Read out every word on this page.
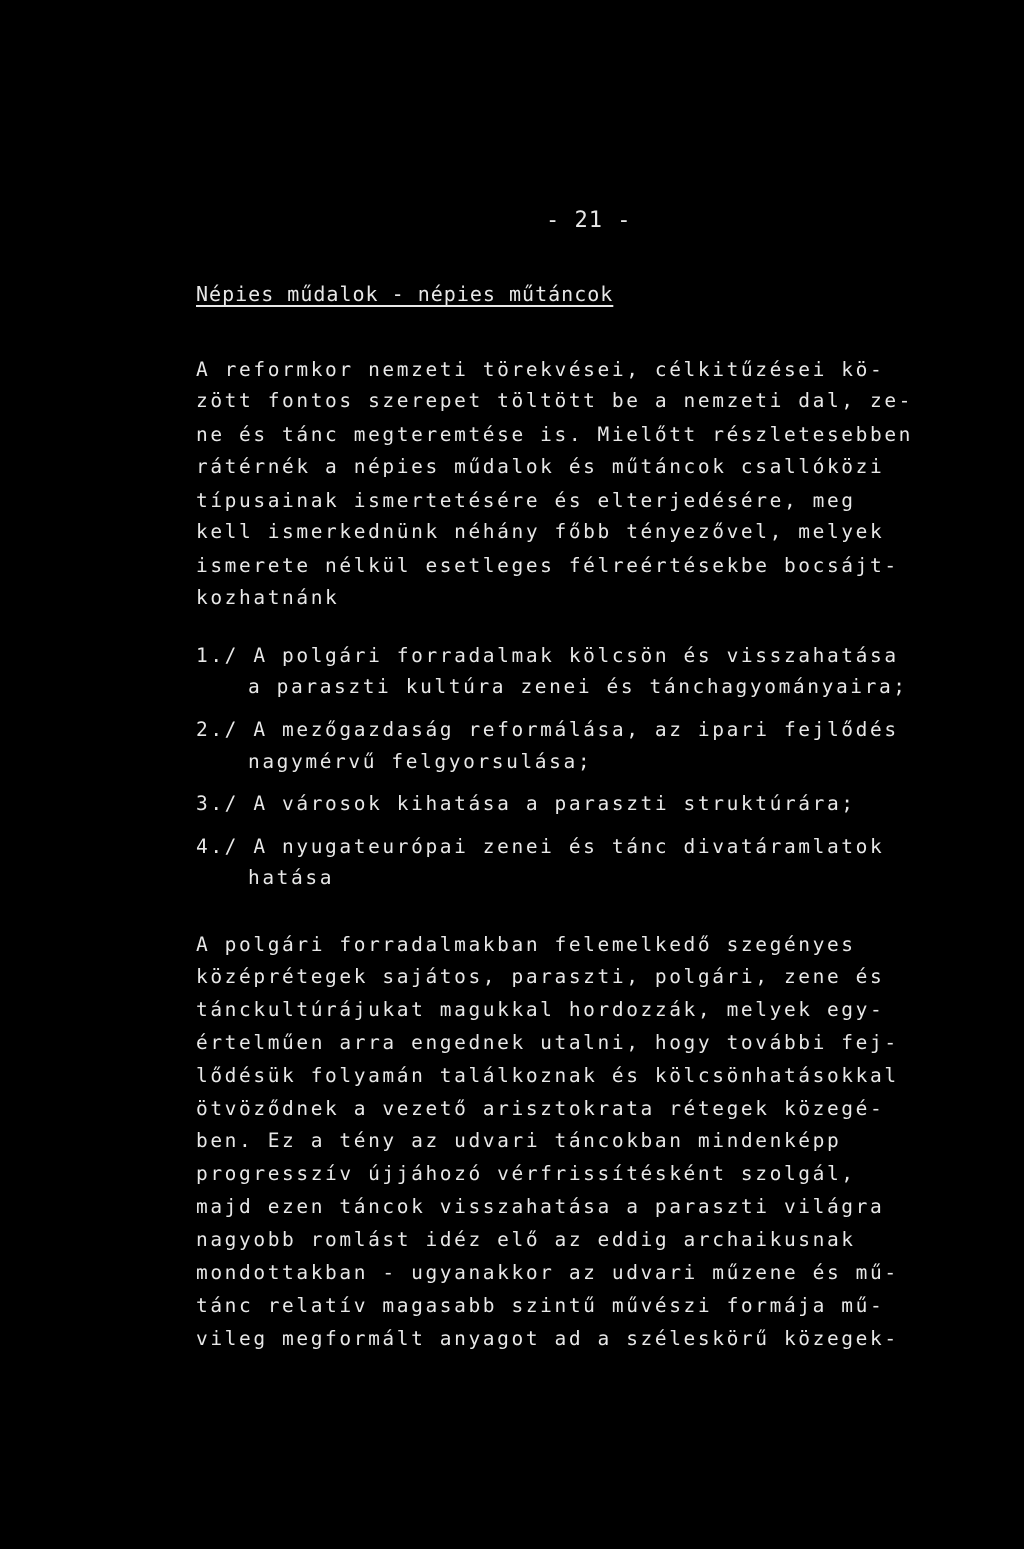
- 21 -
Népies műdalok - népies műtáncok
A reformkor nemzeti törekvései, célkitűzései kö-
zött fontos szerepet töltött be a nemzeti dal, ze-
ne és tánc megteremtése is. Mielőtt részletesebben
rátérnék a népies műdalok és műtáncok csallóközi
típusainak ismertetésére és elterjedésére, meg
kell ismerkednünk néhány főbb tényezővel, melyek
ismerete nélkül esetleges félreértésekbe bocsájt-
kozhatnánk
1./ A polgári forradalmak kölcsön és visszahatása
a paraszti kultúra zenei és tánchagyományaira;
2./ A mezőgazdaság reformálása, az ipari fejlődés
nagymérvű felgyorsulása;
3./ A városok kihatása a paraszti struktúrára;
4./ A nyugateurópai zenei és tánc divatáramlatok
hatása
A polgári forradalmakban felemelkedő szegényes
középrétegek sajátos, paraszti, polgári, zene és
tánckultúrájukat magukkal hordozzák, melyek egy-
értelműen arra engednek utalni, hogy további fej-
lődésük folyamán találkoznak és kölcsönhatásokkal
ötvöződnek a vezető arisztokrata rétegek közegé-
ben. Ez a tény az udvari táncokban mindenképp
progresszív újjáhozó vérfrissítésként szolgál,
majd ezen táncok visszahatása a paraszti világra
nagyobb romlást idéz elő az eddig archaikusnak
mondottakban - ugyanakkor az udvari műzene és mű-
tánc relatív magasabb szintű művészi formája mű-
vileg megformált anyagot ad a széleskörű közegek-
